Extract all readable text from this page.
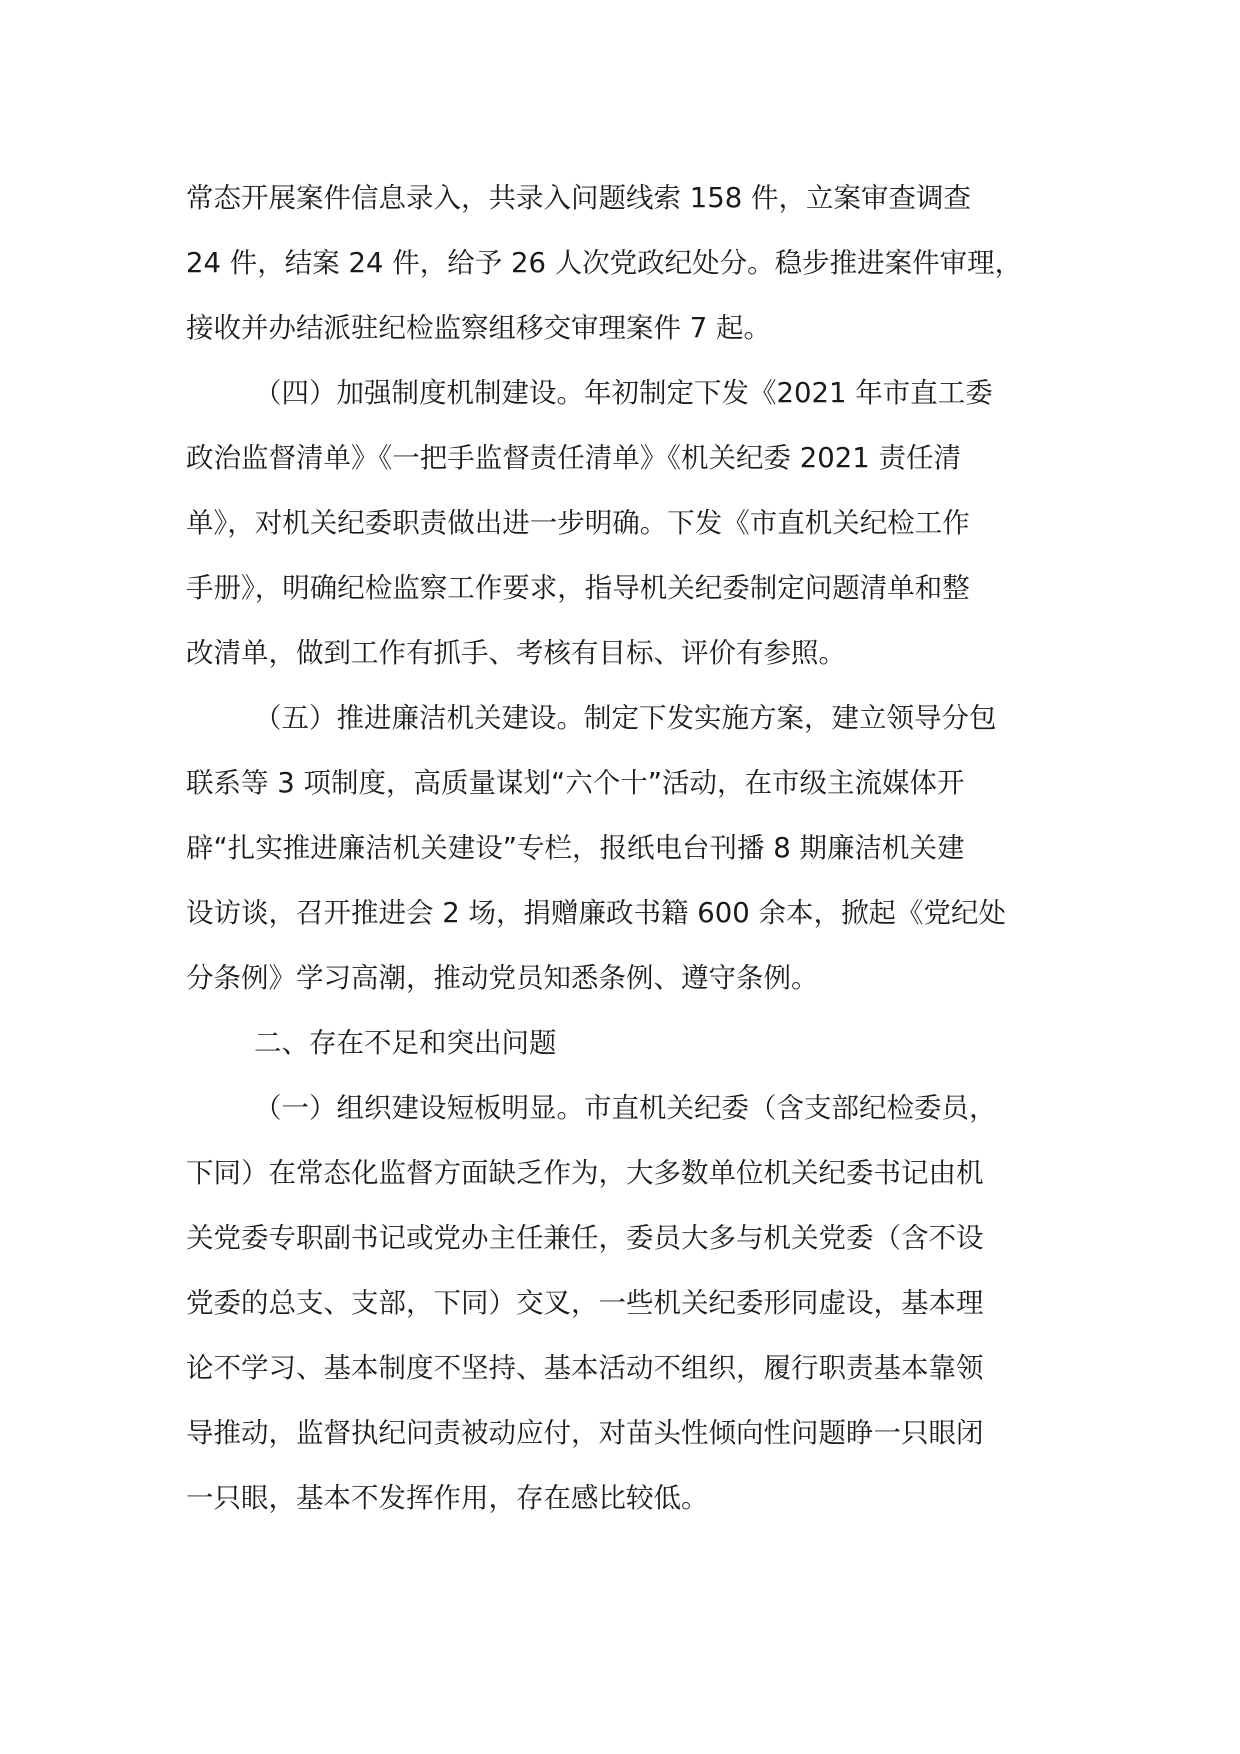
常态开展案件信息录入，共录入问题线索 158 件，立案审查调查
24 件，结案 24 件，给予 26 人次党政纪处分。稳步推进案件审理，
接收并办结派驻纪检监察组移交审理案件 7 起。

（四）加强制度机制建设。年初制定下发《2021 年市直工委
政治监督清单》《一把手监督责任清单》《机关纪委 2021 责任清
单》，对机关纪委职责做出进一步明确。下发《市直机关纪检工作
手册》，明确纪检监察工作要求，指导机关纪委制定问题清单和整
改清单，做到工作有抓手、考核有目标、评价有参照。

（五）推进廉洁机关建设。制定下发实施方案，建立领导分包
联系等 3 项制度，高质量谋划“六个十”活动，在市级主流媒体开
辟“扎实推进廉洁机关建设”专栏，报纸电台刊播 8 期廉洁机关建
设访谈，召开推进会 2 场，捐赠廉政书籍 600 余本，掀起《党纪处
分条例》学习高潮，推动党员知悉条例、遵守条例。

二、存在不足和突出问题

（一）组织建设短板明显。市直机关纪委（含支部纪检委员，
下同）在常态化监督方面缺乏作为，大多数单位机关纪委书记由机
关党委专职副书记或党办主任兼任，委员大多与机关党委（含不设
党委的总支、支部，下同）交叉，一些机关纪委形同虚设，基本理
论不学习、基本制度不坚持、基本活动不组织，履行职责基本靠领
导推动，监督执纪问责被动应付，对苗头性倾向性问题睁一只眼闭
一只眼，基本不发挥作用，存在感比较低。
